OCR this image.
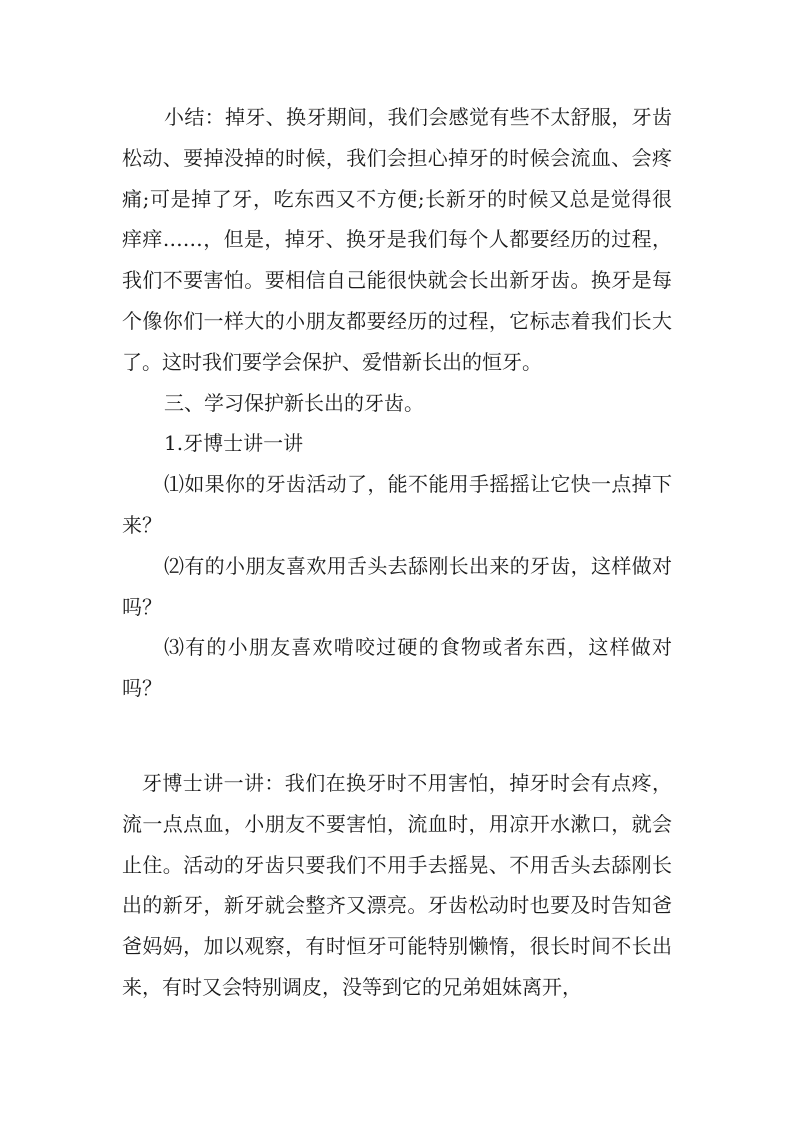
小结：掉牙、换牙期间，我们会感觉有些不太舒服，牙齿松动、要掉没掉的时候，我们会担心掉牙的时候会流血、会疼痛;可是掉了牙，吃东西又不方便;长新牙的时候又总是觉得很痒痒……，但是，掉牙、换牙是我们每个人都要经历的过程，我们不要害怕。要相信自己能很快就会长出新牙齿。换牙是每个像你们一样大的小朋友都要经历的过程，它标志着我们长大了。这时我们要学会保护、爱惜新长出的恒牙。

三、学习保护新长出的牙齿。

1.牙博士讲一讲

⑴如果你的牙齿活动了，能不能用手摇摇让它快一点掉下来？

⑵有的小朋友喜欢用舌头去舔刚长出来的牙齿，这样做对吗？

⑶有的小朋友喜欢啃咬过硬的食物或者东西，这样做对吗？

牙博士讲一讲：我们在换牙时不用害怕，掉牙时会有点疼，流一点点血，小朋友不要害怕，流血时，用凉开水漱口，就会止住。活动的牙齿只要我们不用手去摇晃、不用舌头去舔刚长出的新牙，新牙就会整齐又漂亮。牙齿松动时也要及时告知爸爸妈妈，加以观察，有时恒牙可能特别懒惰，很长时间不长出来，有时又会特别调皮，没等到它的兄弟姐妹离开，
